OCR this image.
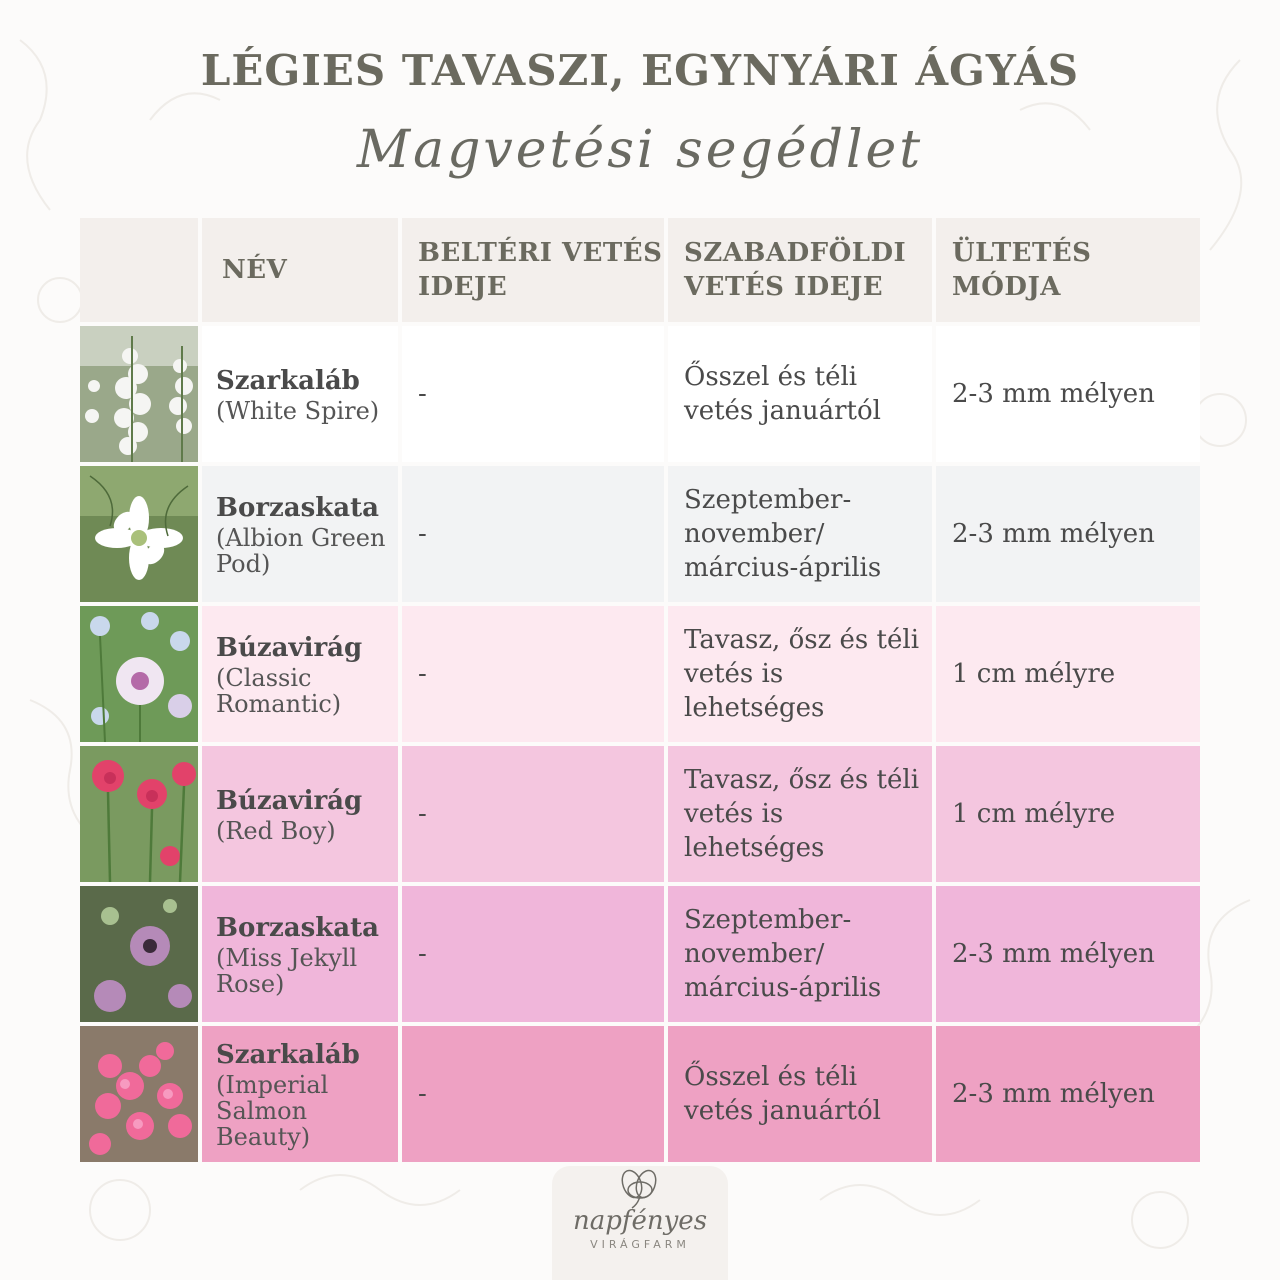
LÉGIES TAVASZI, EGYNYÁRI ÁGYÁS
Magvetési segédlet
NÉV
BELTÉRI VETÉS IDEJE
SZABADFÖLDI VETÉS IDEJE
ÜLTETÉS MÓDJA
Szarkaláb
(White Spire)
-
Ősszel és téli vetés januártól
2-3 mm mélyen
Borzaskata
(Albion Green Pod)
-
Szeptember-november/ március-április
2-3 mm mélyen
Búzavirág
(Classic Romantic)
-
Tavasz, ősz és téli vetés is lehetséges
1 cm mélyre
Búzavirág
(Red Boy)
-
Tavasz, ősz és téli vetés is lehetséges
1 cm mélyre
Borzaskata
(Miss Jekyll Rose)
-
Szeptember-november/ március-április
2-3 mm mélyen
Szarkaláb
(Imperial Salmon Beauty)
-
Ősszel és téli vetés januártól
2-3 mm mélyen
napfényes
VIRÁGFARM
